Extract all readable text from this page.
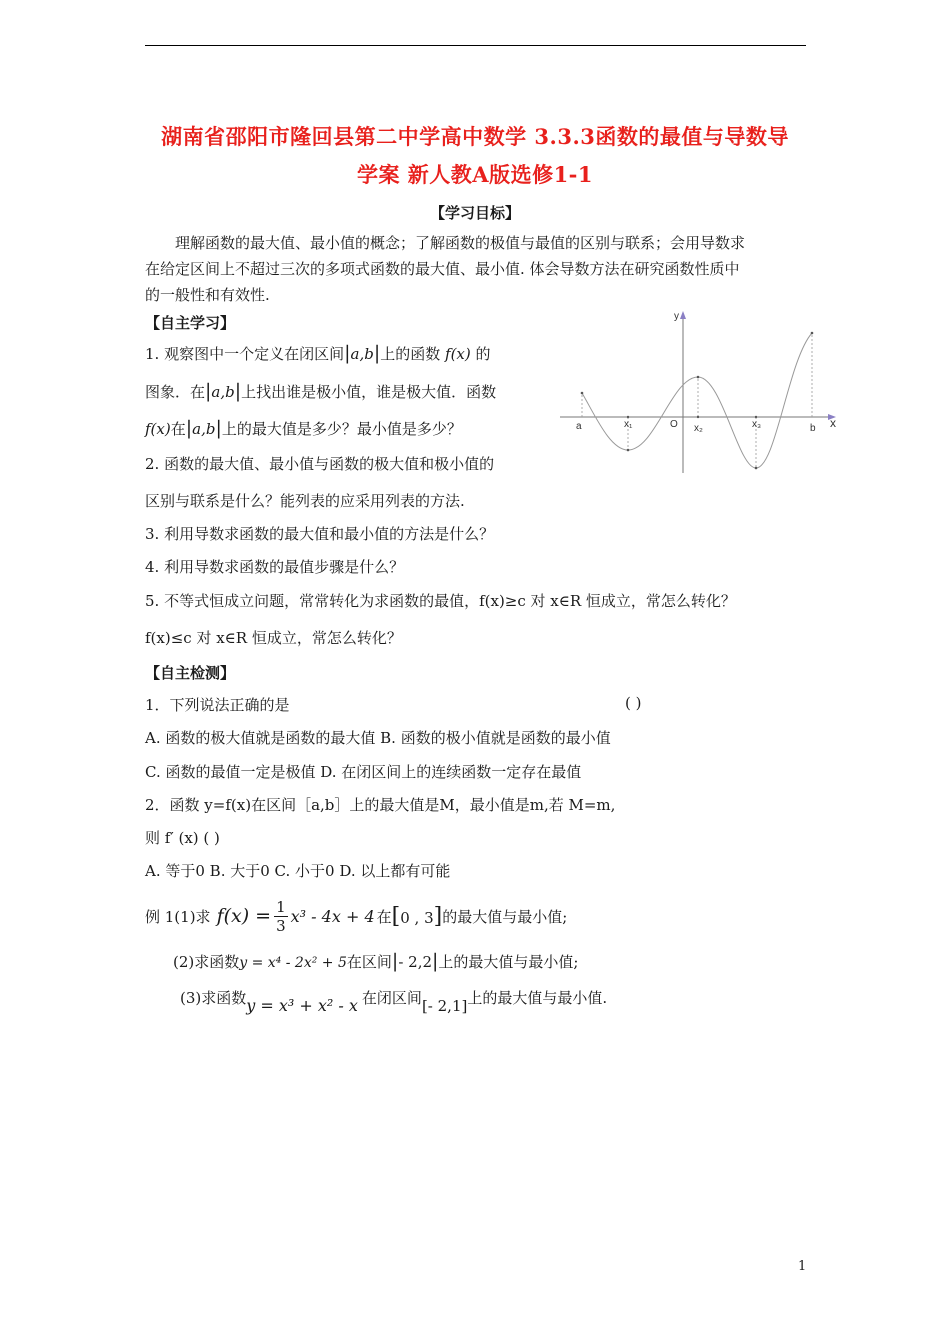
湖南省邵阳市隆回县第二中学高中数学 3.3.3函数的最值与导数导
学案 新人教A版选修1-1
【学习目标】
理解函数的最大值、最小值的概念；了解函数的极值与最值的区别与联系；会用导数求
在给定区间上不超过三次的多项式函数的最大值、最小值. 体会导数方法在研究函数性质中
的一般性和有效性.
【自主学习】
1. 观察图中一个定义在闭区间|a,b|上的函数 f(x) 的
图象．在|a,b|上找出谁是极小值，谁是极大值．函数
f(x)在|a,b|上的最大值是多少？最小值是多少？
2. 函数的最大值、最小值与函数的极大值和极小值的
区别与联系是什么？能列表的应采用列表的方法.
3. 利用导数求函数的最大值和最小值的方法是什么？
4. 利用导数求函数的最值步骤是什么？
5. 不等式恒成立问题，常常转化为求函数的最值，f(x)≥c 对 x∈R 恒成立，常怎么转化？
f(x)≤c 对 x∈R 恒成立，常怎么转化？
y
a	x₁	O x₂	x₃	b x
【自主检测】
1．下列说法正确的是	( )
A. 函数的极大值就是函数的最大值 B. 函数的极小值就是函数的最小值
C. 函数的最值一定是极值 D. 在闭区间上的连续函数一定存在最值
2．函数 y=f(x)在区间［a,b］上的最大值是M，最小值是m,若 M=m,
则 f′ (x) ( )
A. 等于0 B. 大于0 C. 小于0 D. 以上都有可能
例 1(1)求 $f(x) = \frac{1}{3} x^3 - 4x + 4$ 在 [0 , 3] 的最大值与最小值;
(2)求函数y = x⁴ - 2x² + 5在区间|- 2,2|上的最大值与最小值;
(3)求函数y = x³ + x² - x 在闭区间[- 2,1]上的最大值与最小值.
1
